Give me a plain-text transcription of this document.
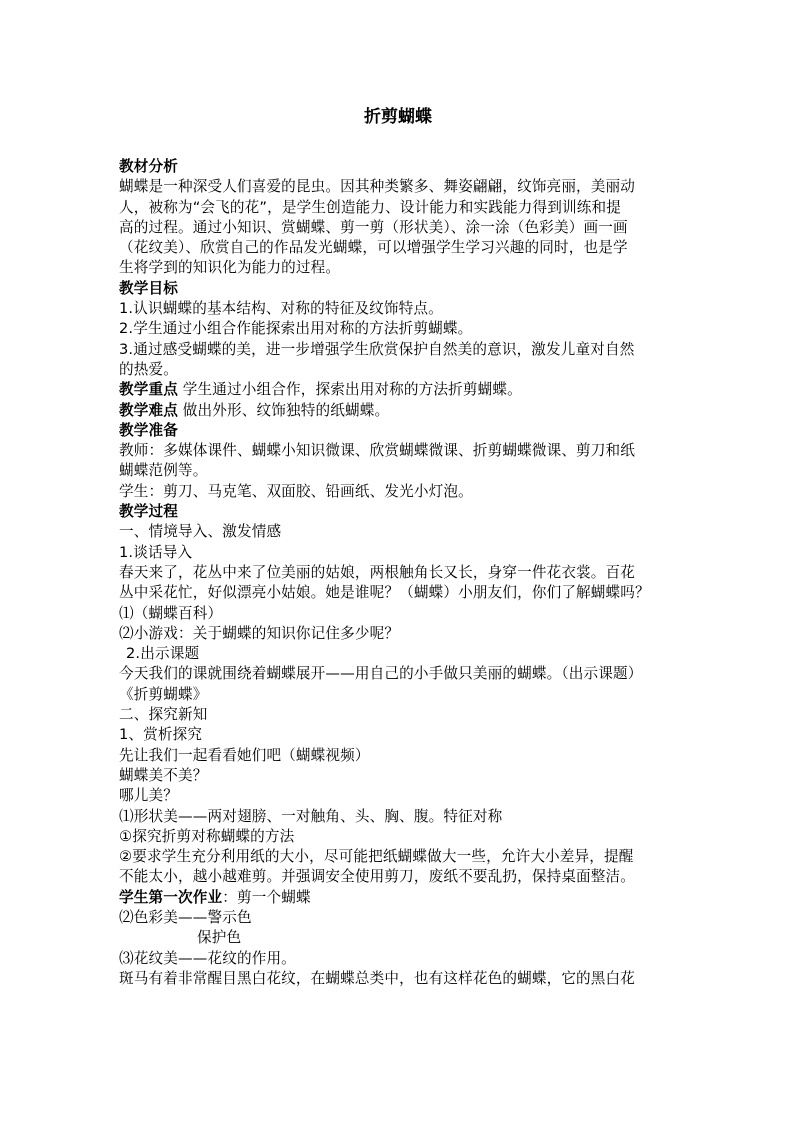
折剪蝴蝶
教材分析
蝴蝶是一种深受人们喜爱的昆虫。因其种类繁多、舞姿翩翩，纹饰亮丽，美丽动
人，被称为“会飞的花”，是学生创造能力、设计能力和实践能力得到训练和提
高的过程。通过小知识、赏蝴蝶、剪一剪（形状美）、涂一涂（色彩美）画一画
（花纹美）、欣赏自己的作品发光蝴蝶，可以增强学生学习兴趣的同时，也是学
生将学到的知识化为能力的过程。
教学目标
1.认识蝴蝶的基本结构、对称的特征及纹饰特点。
2.学生通过小组合作能探索出用对称的方法折剪蝴蝶。
3.通过感受蝴蝶的美，进一步增强学生欣赏保护自然美的意识，激发儿童对自然
的热爱。
教学重点 学生通过小组合作，探索出用对称的方法折剪蝴蝶。
教学难点 做出外形、纹饰独特的纸蝴蝶。
教学准备
教师：多媒体课件、蝴蝶小知识微课、欣赏蝴蝶微课、折剪蝴蝶微课、剪刀和纸
蝴蝶范例等。
学生：剪刀、马克笔、双面胶、铅画纸、发光小灯泡。
教学过程
一、情境导入、激发情感
1.谈话导入
春天来了，花丛中来了位美丽的姑娘，两根触角长又长，身穿一件花衣裳。百花
丛中采花忙，好似漂亮小姑娘。她是谁呢？（蝴蝶）小朋友们，你们了解蝴蝶吗？
⑴（蝴蝶百科）
⑵小游戏：关于蝴蝶的知识你记住多少呢？
2.出示课题
今天我们的课就围绕着蝴蝶展开——用自己的小手做只美丽的蝴蝶。（出示课题）
《折剪蝴蝶》
二、探究新知
1、赏析探究
先让我们一起看看她们吧（蝴蝶视频）
蝴蝶美不美？
哪儿美？
⑴形状美——两对翅膀、一对触角、头、胸、腹。特征对称
①探究折剪对称蝴蝶的方法
②要求学生充分利用纸的大小，尽可能把纸蝴蝶做大一些，允许大小差异，提醒
不能太小，越小越难剪。并强调安全使用剪刀，废纸不要乱扔，保持桌面整洁。
学生第一次作业：剪一个蝴蝶
⑵色彩美——警示色
保护色
⑶花纹美——花纹的作用。
斑马有着非常醒目黑白花纹，在蝴蝶总类中，也有这样花色的蝴蝶，它的黑白花
